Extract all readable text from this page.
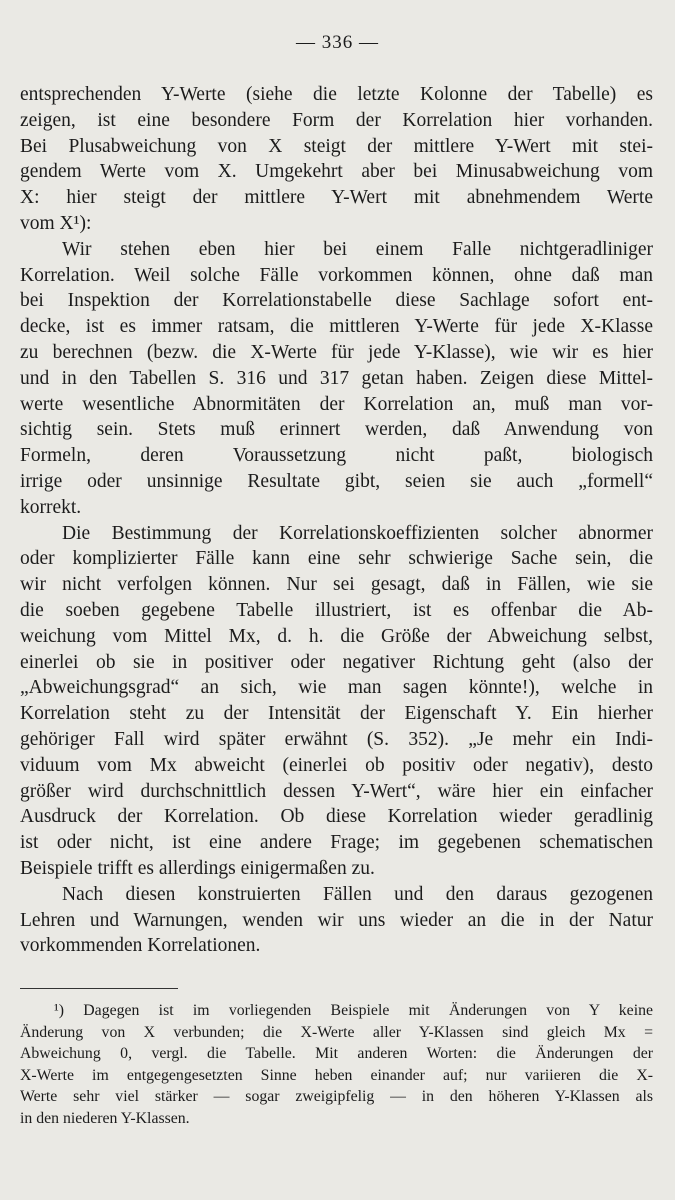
— 336 —
entsprechenden Y-Werte (siehe die letzte Kolonne der Tabelle) es
zeigen, ist eine besondere Form der Korrelation hier vorhanden.
Bei Plusabweichung von X steigt der mittlere Y-Wert mit stei-
gendem Werte vom X. Umgekehrt aber bei Minusabweichung vom
X: hier steigt der mittlere Y-Wert mit abnehmendem Werte
vom X¹):
Wir stehen eben hier bei einem Falle nichtgeradliniger
Korrelation. Weil solche Fälle vorkommen können, ohne daß man
bei Inspektion der Korrelationstabelle diese Sachlage sofort ent-
decke, ist es immer ratsam, die mittleren Y-Werte für jede X-Klasse
zu berechnen (bezw. die X-Werte für jede Y-Klasse), wie wir es hier
und in den Tabellen S. 316 und 317 getan haben. Zeigen diese Mittel-
werte wesentliche Abnormitäten der Korrelation an, muß man vor-
sichtig sein. Stets muß erinnert werden, daß Anwendung von
Formeln, deren Voraussetzung nicht paßt, biologisch
irrige oder unsinnige Resultate gibt, seien sie auch „formell“
korrekt.
Die Bestimmung der Korrelationskoeffizienten solcher abnormer
oder komplizierter Fälle kann eine sehr schwierige Sache sein, die
wir nicht verfolgen können. Nur sei gesagt, daß in Fällen, wie sie
die soeben gegebene Tabelle illustriert, ist es offenbar die Ab-
weichung vom Mittel Mx, d. h. die Größe der Abweichung selbst,
einerlei ob sie in positiver oder negativer Richtung geht (also der
„Abweichungsgrad“ an sich, wie man sagen könnte!), welche in
Korrelation steht zu der Intensität der Eigenschaft Y. Ein hierher
gehöriger Fall wird später erwähnt (S. 352). „Je mehr ein Indi-
viduum vom Mx abweicht (einerlei ob positiv oder negativ), desto
größer wird durchschnittlich dessen Y-Wert“, wäre hier ein einfacher
Ausdruck der Korrelation. Ob diese Korrelation wieder geradlinig
ist oder nicht, ist eine andere Frage; im gegebenen schematischen
Beispiele trifft es allerdings einigermaßen zu.
Nach diesen konstruierten Fällen und den daraus gezogenen
Lehren und Warnungen, wenden wir uns wieder an die in der Natur
vorkommenden Korrelationen.
¹) Dagegen ist im vorliegenden Beispiele mit Änderungen von Y keine
Änderung von X verbunden; die X-Werte aller Y-Klassen sind gleich Mx =
Abweichung 0, vergl. die Tabelle. Mit anderen Worten: die Änderungen der
X-Werte im entgegengesetzten Sinne heben einander auf; nur variieren die X-
Werte sehr viel stärker — sogar zweigipfelig — in den höheren Y-Klassen als
in den niederen Y-Klassen.
